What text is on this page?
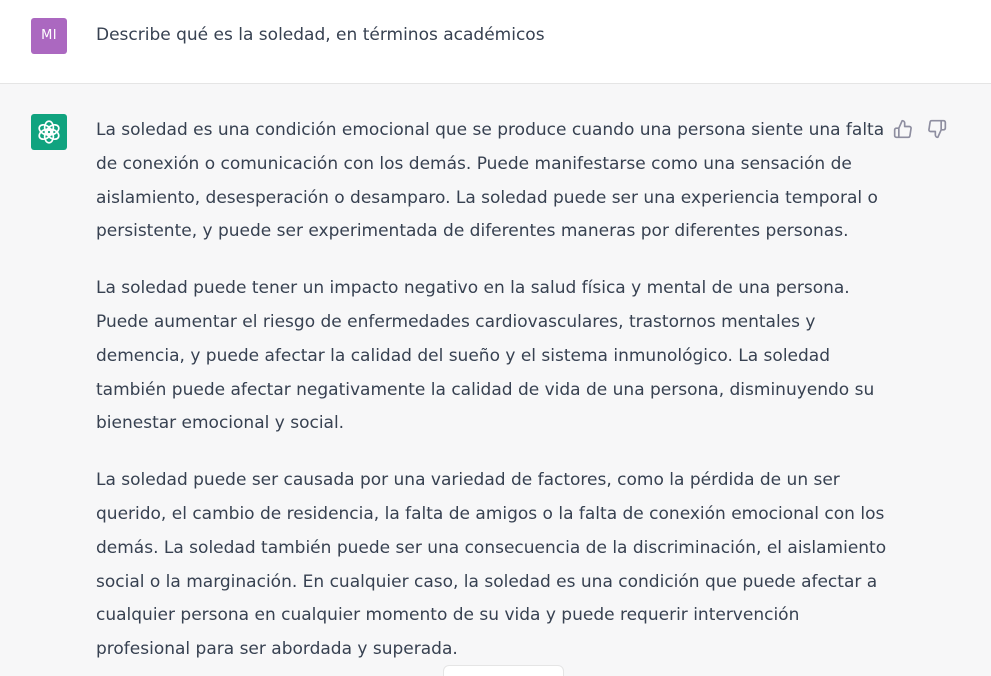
MI	Describe qué es la soledad, en términos académicos

La soledad es una condición emocional que se produce cuando una persona siente una falta
de conexión o comunicación con los demás. Puede manifestarse como una sensación de
aislamiento, desesperación o desamparo. La soledad puede ser una experiencia temporal o
persistente, y puede ser experimentada de diferentes maneras por diferentes personas.

La soledad puede tener un impacto negativo en la salud física y mental de una persona.
Puede aumentar el riesgo de enfermedades cardiovasculares, trastornos mentales y
demencia, y puede afectar la calidad del sueño y el sistema inmunológico. La soledad
también puede afectar negativamente la calidad de vida de una persona, disminuyendo su
bienestar emocional y social.

La soledad puede ser causada por una variedad de factores, como la pérdida de un ser
querido, el cambio de residencia, la falta de amigos o la falta de conexión emocional con los
demás. La soledad también puede ser una consecuencia de la discriminación, el aislamiento
social o la marginación. En cualquier caso, la soledad es una condición que puede afectar a
cualquier persona en cualquier momento de su vida y puede requerir intervención
profesional para ser abordada y superada.
